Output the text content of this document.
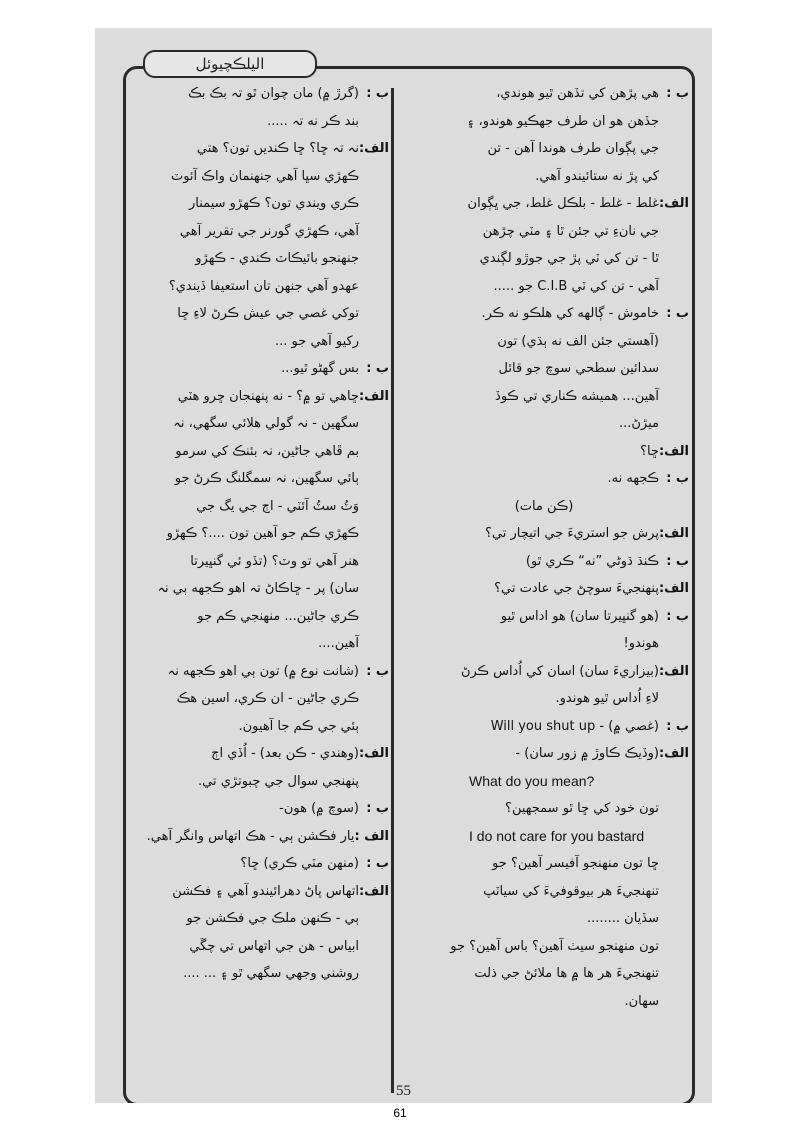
اليلڪچيوئل
ب :هي پڙهن کي تڏهن ٿيو هوندي،
جڏهن هو ان طرف جهڪيو هوندو، ۽
جي پڳوان طرف هوندا آهن - تن
کي پڙ نه ستائيندو آهي.
الف:غلط - غلط - بلڪل غلط، جي ڀڳوان
جي نانءِ تي جئن ٿا ۽ مٽي چڙهن
ٿا - تن کي ٽي پڙ جي جوڙو لڳندي
آهي - تن کي ٽي C.I.B جو .....
ب :خاموش - ڳالهه کي هلڪو نه ڪر.
(آهستي جئن الف نه ٻڌي) تون
سدائين سطحي سوچ جو قائل
آهين... هميشه ڪناري تي ڪوڏ
ميڙڻ...
الف:ڇا؟
ب :ڪجهه نه.
(ڪن مات)
الف:پرش جو استريءَ جي اتيچار تي؟
ب :ڪنڌ ڌوڻي ”نه“ ڪري ٿو)
الف:پنهنجيءَ سوچڻ جي عادت تي؟
ب :(هو گنڀيرتا سان) هو اداس ٿيو
هوندو!
الف:(بيزاريءَ سان) اسان کي اُداس ڪرڻ
لاءِ اُداس ٿيو هوندو.
ب :(غصي ۾) - Will you shut up
الف:(وڏيڪ ڪاوڙ ۾ زور سان) -
What do you mean?
تون خود کي ڇا ٿو سمجهين؟
I do not care for you bastard
ڇا تون منهنجو آفيسر آهين؟ جو
تنهنجيءَ هر بيوقوفيءَ کي سياٽپ
سڏيان ........
تون منهنجو سيٺ آهين؟ باس آهين؟ جو
تنهنجيءَ هر ها ۾ ها ملائڻ جي ذلت
سهان.
ب :(گرڙ ۾) مان چوان ٿو تہ بڪ بڪ
بند ڪر نه تہ .....
الف:نہ تہ ڇا؟ ڇا ڪنديں تون؟ هتي
ڪهڙي سڀا آهي جنهنمان واڪ آئوٽ
ڪري ويندي تون؟ ڪهڙو سيمنار
آهي، ڪهڙي گورنر جي تقرير آهي
جنهنجو بائيڪاٽ ڪندي - ڪهڙو
عهدو آهي جنهن تان استعيفا ڏيندي؟
توکي غصي جي عيش ڪرڻ لاءِ ڇا
رکيو آهي جو ...
ب :بس گهڻو ٿيو...
الف:ڇاهي تو ۾؟ - نه پنهنجان ڇرو هٽي
سگهين - نہ گولي هلائي سگهي، نہ
بم ڦاهي جاڻين، نہ بئنڪ کي سرمو
ٻائي سگهين، نہ سمگلنگ ڪرڻ جو
وَٽُ سٽُ آئٽي - اڄ جي يگ جي
ڪهڙي ڪم جو آهين تون ....؟ ڪهڙو
هنر آهي تو وٽ؟ (تڏو ئي گنڀيرتا
سان) پر - ڇاڪاڻ تہ اهو ڪجهه ٻي نہ
ڪري جاڻين... منهنجي ڪم جو
آهين....
ب :(شانت نوع ۾) تون ٻي اهو ڪجهه نہ
ڪري جاڻين - ان ڪري، اسين هڪ
ٻئي جي ڪم جا آهيون.
الف:(وهندي - ڪن بعد) - اُڏي اڄ
پنهنجي سوال جي چبوتڙي تي.
ب :(سوچ ۾) هون-
الف :يار فڪشن ٻي - هڪ اتهاس وانگر آهي.
ب :(منهن مٽي ڪري) ڇا؟
الف:اتهاس پاڻ دهرائيندو آهي ۽ فڪشن
ٻي - ڪنهن ملڪ جي فڪشن جو
ابياس - هن جي اتهاس تي چڱي
روشني وجهي سگهي ٿو ۽ ... ....
55
61
